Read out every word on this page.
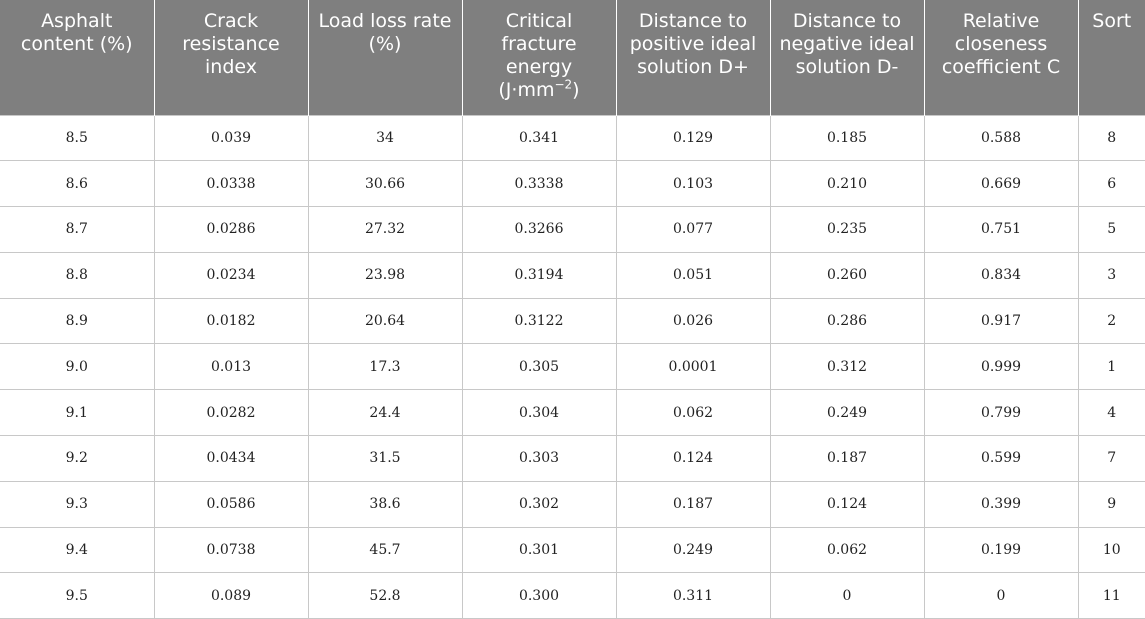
Asphalt content (%)	Crack resistance index	Load loss rate (%)	Critical fracture energy
$(J\cdot mm^{-2})$	Distance to positive ideal solution D+	Distance to negative ideal solution D-	Relative closeness coefficient C	Sort
8.5	0.039	34	0.341	0.129	0.185	0.588	8
8.6	0.0338	30.66	0.3338	0.103	0.210	0.669	6
8.7	0.0286	27.32	0.3266	0.077	0.235	0.751	5
8.8	0.0234	23.98	0.3194	0.051	0.260	0.834	3
8.9	0.0182	20.64	0.3122	0.026	0.286	0.917	2
9.0	0.013	17.3	0.305	0.0001	0.312	0.999	1
9.1	0.0282	24.4	0.304	0.062	0.249	0.799	4
9.2	0.0434	31.5	0.303	0.124	0.187	0.599	7
9.3	0.0586	38.6	0.302	0.187	0.124	0.399	9
9.4	0.0738	45.7	0.301	0.249	0.062	0.199	10
9.5	0.089	52.8	0.300	0.311	0	0	11
